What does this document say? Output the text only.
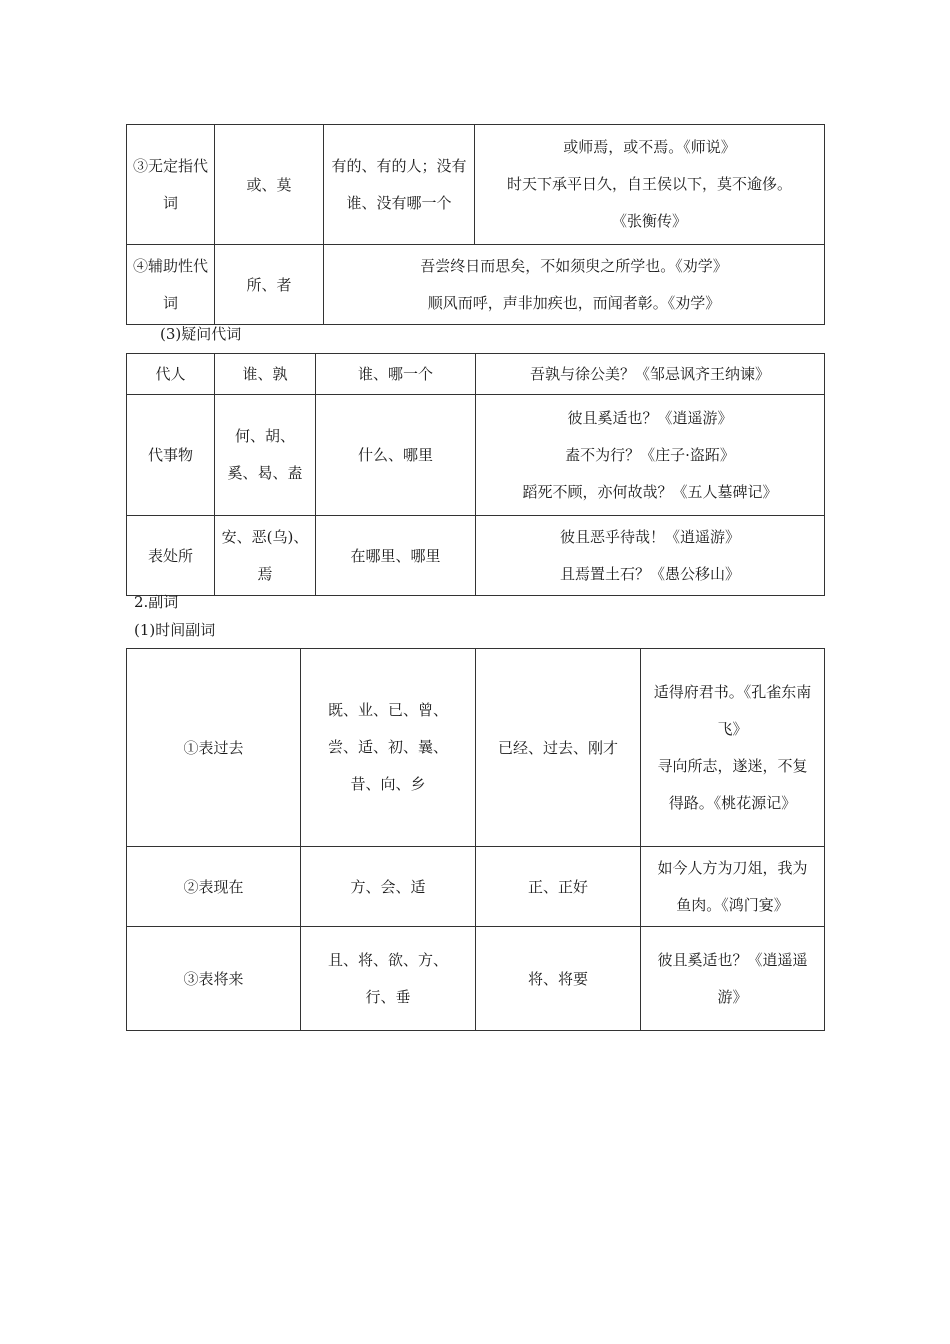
③无定指代词	或、莫	有的、有的人；没有谁、没有哪一个	或师焉，或不焉。《师说》
时天下承平日久，自王侯以下，莫不逾侈。
《张衡传》

④辅助性代词	所、者	吾尝终日而思矣，不如须臾之所学也。《劝学》
顺风而呼，声非加疾也，而闻者彰。《劝学》	
(3)疑问代词
代人	谁、孰	谁、哪一个	吾孰与徐公美？《邹忌讽齐王纳谏》
代事物	何、胡、奚、曷、盍	什么、哪里	彼且奚适也？《逍遥游》
盍不为行？《庄子·盗跖》
蹈死不顾，亦何故哉？《五人墓碑记》

表处所	安、恶(乌)、焉	在哪里、哪里	彼且恶乎待哉！《逍遥游》
且焉置土石？《愚公移山》
2.副词
(1)时间副词
①表过去	既、业、已、曾、尝、适、初、曩、昔、向、乡	已经、过去、刚才	适得府君书。《孔雀东南飞》
寻向所志，遂迷，不复得路。《桃花源记》

②表现在	方、会、适	正、正好	如今人方为刀俎，我为鱼肉。《鸿门宴》

③表将来	且、将、欲、方、行、垂	将、将要	彼且奚适也？《逍遥遥游》
